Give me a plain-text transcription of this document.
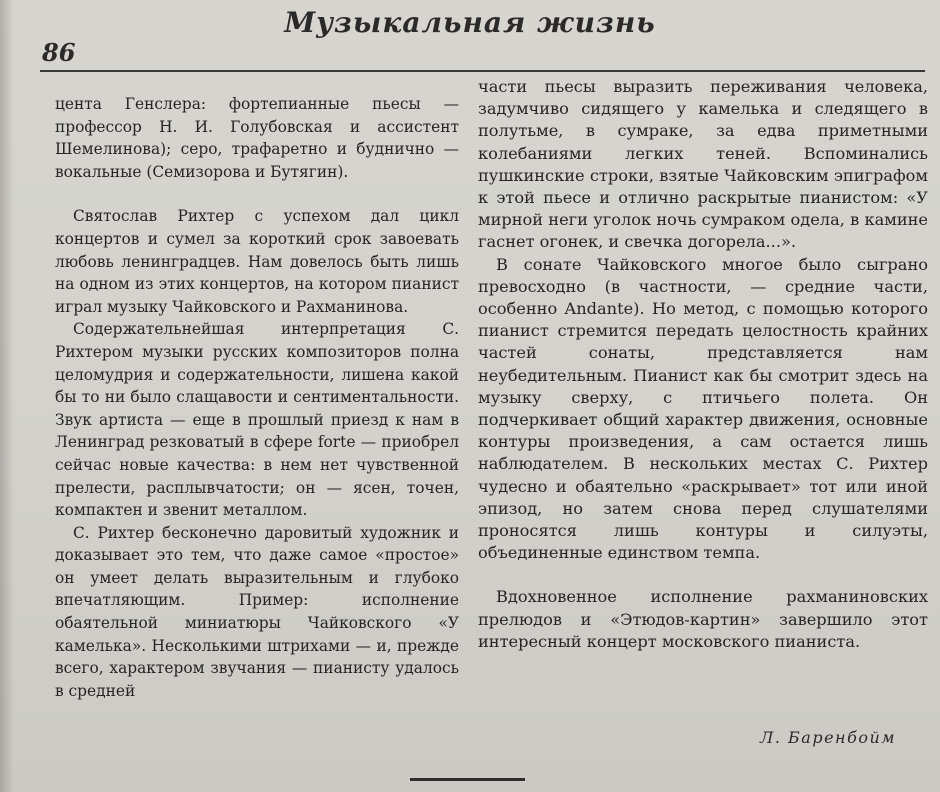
Музыкальная жизнь
86

цента Генслера: фортепианные пьесы — профессор Н. И. Голубовская и ассистент Шемелинова); серо, трафаретно и буднично — вокальные (Семизорова и Бутягин).

Святослав Рихтер с успехом дал цикл концертов и сумел за короткий срок завоевать любовь ленинградцев. Нам довелось быть лишь на одном из этих концертов, на котором пианист играл музыку Чайковского и Рахманинова.

Содержательнейшая интерпретация С. Рихтером музыки русских композиторов полна целомудрия и содержательности, лишена какой бы то ни было слащавости и сентиментальности. Звук артиста — еще в прошлый приезд к нам в Ленинград резковатый в сфере forte — приобрел сейчас новые качества: в нем нет чувственной прелести, расплывчатости; он — ясен, точен, компактен и звенит металлом.

С. Рихтер бесконечно даровитый художник и доказывает это тем, что даже самое «простое» он умеет делать выразительным и глубоко впечатляющим. Пример: исполнение обаятельной миниатюры Чайковского «У камелька». Несколькими штрихами — и, прежде всего, характером звучания — пианисту удалось в средней

части пьесы выразить переживания человека, задумчиво сидящего у камелька и следящего в полутьме, в сумраке, за едва приметными колебаниями легких теней. Вспоминались пушкинские строки, взятые Чайковским эпиграфом к этой пьесе и отлично раскрытые пианистом: «У мирной неги уголок ночь сумраком одела, в камине гаснет огонек, и свечка догорела...».

В сонате Чайковского многое было сыграно превосходно (в частности, — средние части, особенно Andante). Но метод, с помощью которого пианист стремится передать целостность крайних частей сонаты, представляется нам неубедительным. Пианист как бы смотрит здесь на музыку сверху, с птичьего полета. Он подчеркивает общий характер движения, основные контуры произведения, а сам остается лишь наблюдателем. В нескольких местах С. Рихтер чудесно и обаятельно «раскрывает» тот или иной эпизод, но затем снова перед слушателями проносятся лишь контуры и силуэты, объединенные единством темпа.

Вдохновенное исполнение рахманиновских прелюдов и «Этюдов-картин» завершило этот интересный концерт московского пианиста.

Л. Баренбойм
